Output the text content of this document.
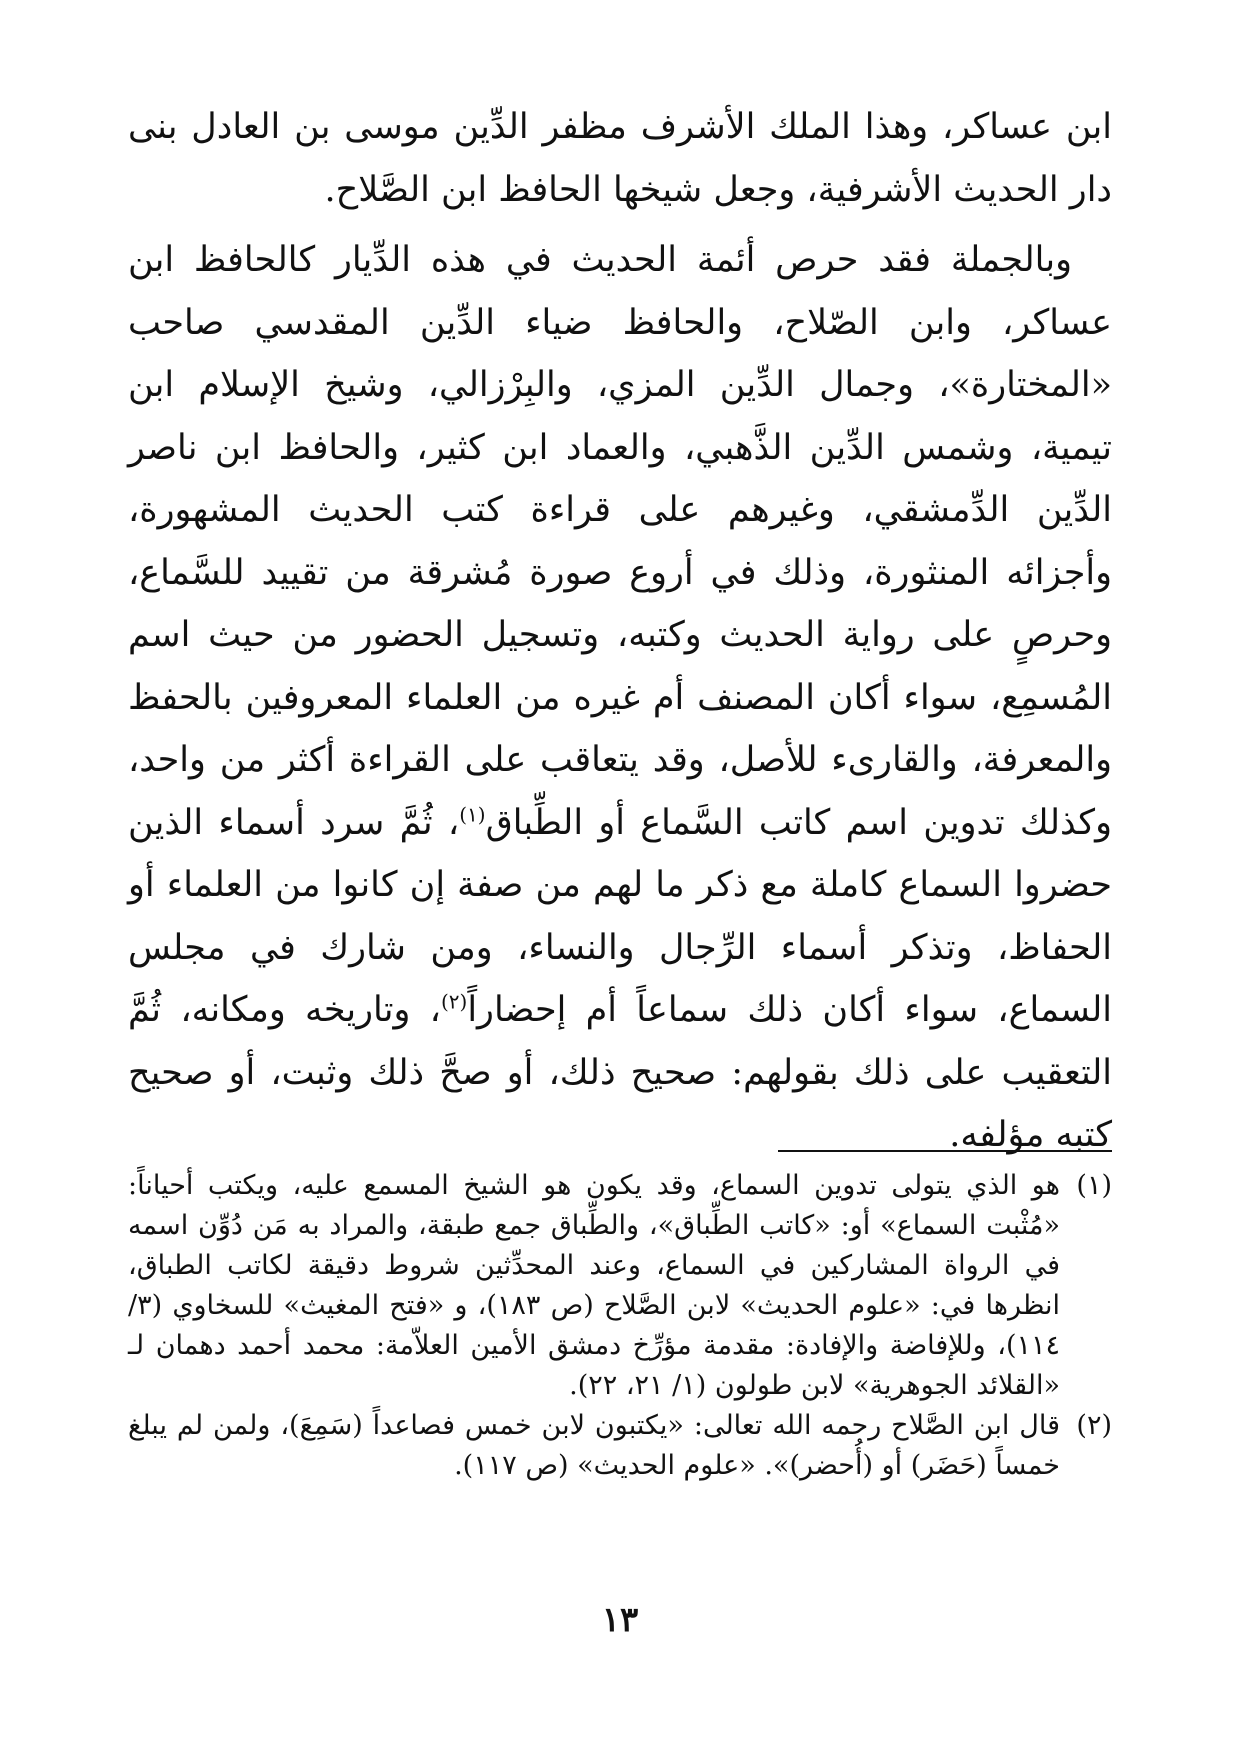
ابن عساكر، وهذا الملك الأشرف مظفر الدِّين موسى بن العادل بنى دار الحديث الأشرفية، وجعل شيخها الحافظ ابن الصَّلاح.

وبالجملة فقد حرص أئمة الحديث في هذه الدِّيار كالحافظ ابن عساكر، وابن الصّلاح، والحافظ ضياء الدِّين المقدسي صاحب «المختارة»، وجمال الدِّين المزي، والبِرْزالي، وشيخ الإسلام ابن تيمية، وشمس الدِّين الذَّهبي، والعماد ابن كثير، والحافظ ابن ناصر الدِّين الدِّمشقي، وغيرهم على قراءة كتب الحديث المشهورة، وأجزائه المنثورة، وذلك في أروع صورة مُشرقة من تقييد للسَّماع، وحرصٍ على رواية الحديث وكتبه، وتسجيل الحضور من حيث اسم المُسمِع، سواء أكان المصنف أم غيره من العلماء المعروفين بالحفظ والمعرفة، والقارىء للأصل، وقد يتعاقب على القراءة أكثر من واحد، وكذلك تدوين اسم كاتب السَّماع أو الطِّباق$^{(١)}$، ثُمَّ سرد أسماء الذين حضروا السماع كاملة مع ذكر ما لهم من صفة إن كانوا من العلماء أو الحفاظ، وتذكر أسماء الرِّجال والنساء، ومن شارك في مجلس السماع، سواء أكان ذلك سماعاً أم إحضاراً$^{(٢)}$، وتاريخه ومكانه، ثُمَّ التعقيب على ذلك بقولهم: صحيح ذلك، أو صحَّ ذلك وثبت، أو صحيح كتبه مؤلفه.

(١)
هو الذي يتولى تدوين السماع، وقد يكون هو الشيخ المسمع عليه، ويكتب أحياناً: «مُثْبت السماع» أو: «كاتب الطِّباق»، والطِّباق جمع طبقة، والمراد به مَن دُوِّن اسمه في الرواة المشاركين في السماع، وعند المحدِّثين شروط دقيقة لكاتب الطباق، انظرها في: «علوم الحديث» لابن الصَّلاح (ص ١٨٣)، و «فتح المغيث» للسخاوي (٣/ ١١٤)، وللإفاضة والإفادة: مقدمة مؤرِّخ دمشق الأمين العلاّمة: محمد أحمد دهمان لـ «القلائد الجوهرية» لابن طولون (١/ ٢١، ٢٢).
(٢)
قال ابن الصَّلاح رحمه الله تعالى: «يكتبون لابن خمس فصاعداً (سَمِعَ)، ولمن لم يبلغ خمساً (حَضَر) أو (أُحضر)». «علوم الحديث» (ص ١١٧).
١٣
